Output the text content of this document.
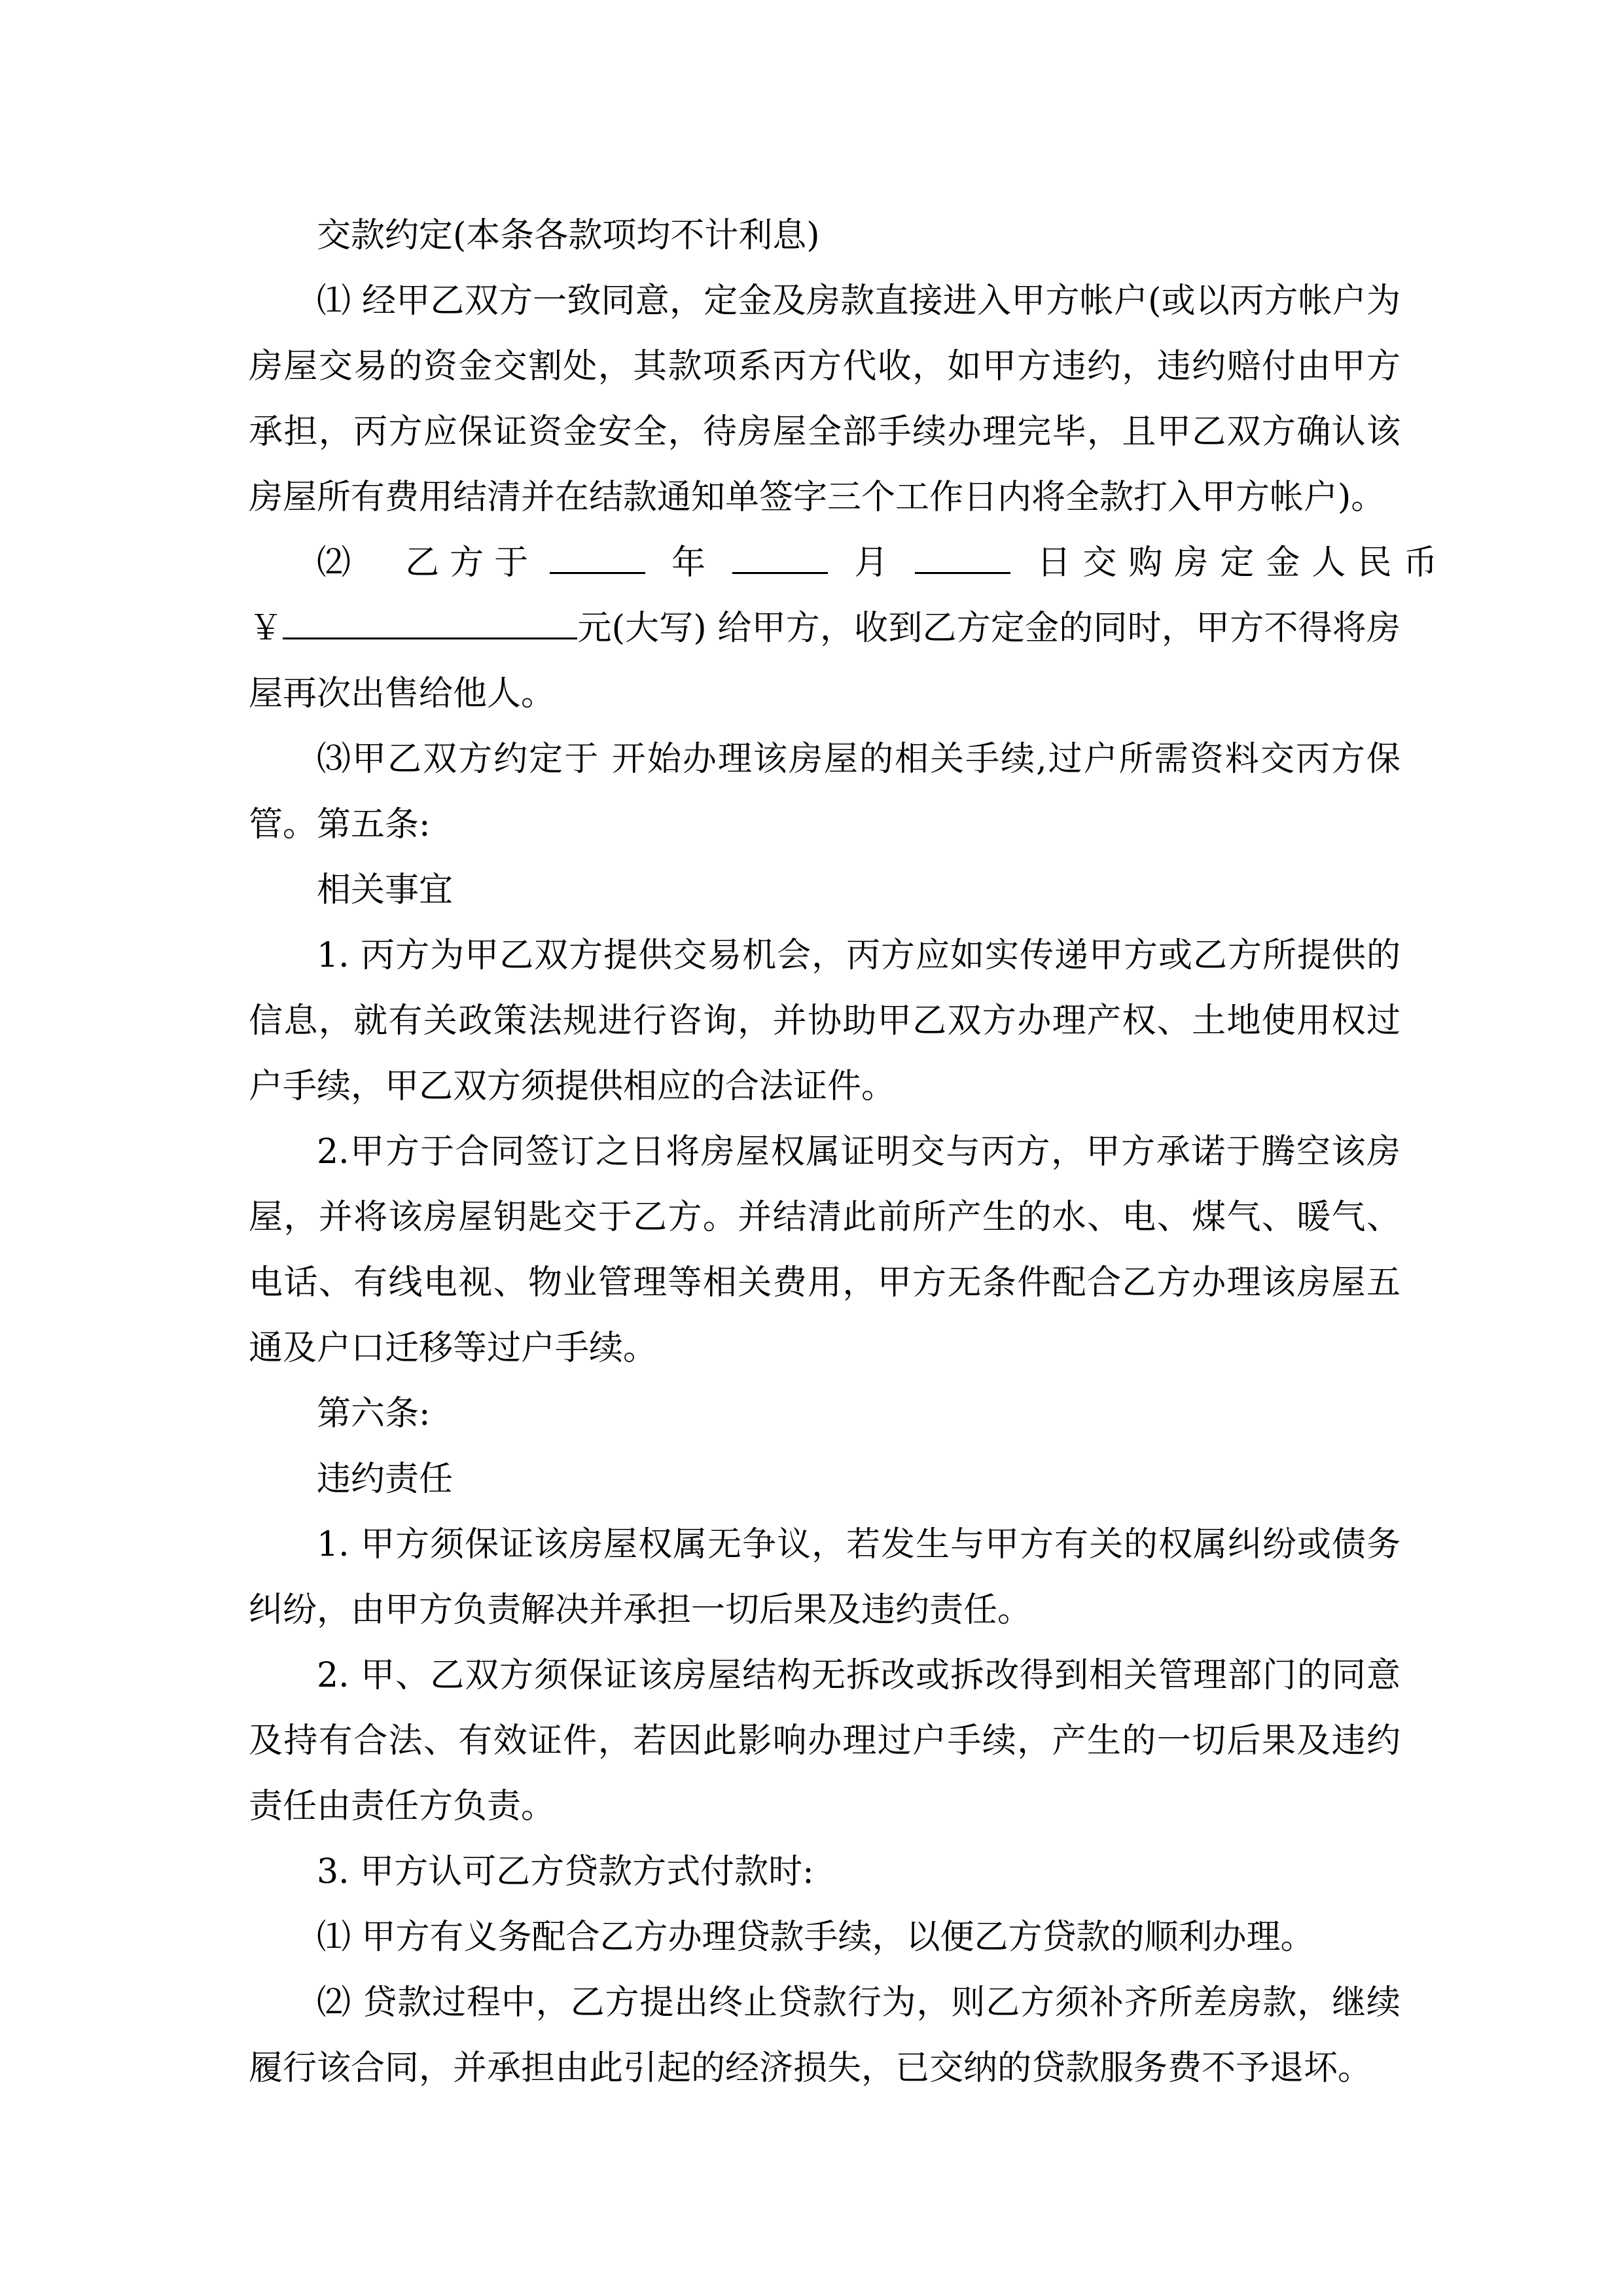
交款约定(本条各款项均不计利息)

⑴ 经甲乙双方一致同意，定金及房款直接进入甲方帐户(或以丙方帐户为房屋交易的资金交割处，其款项系丙方代收，如甲方违约，违约赔付由甲方承担，丙方应保证资金安全，待房屋全部手续办理完毕，且甲乙双方确认该房屋所有费用结清并在结款通知单签字三个工作日内将全款打入甲方帐户)。

⑵ 乙方于	年	月	日交购房定金人民币

￥	元(大写) 给甲方，收到乙方定金的同时，甲方不得将房屋再次出售给他人。

⑶甲乙双方约定于 开始办理该房屋的相关手续,过户所需资料交丙方保管。 第五条:

相关事宜

1. 丙方为甲乙双方提供交易机会，丙方应如实传递甲方或乙方所提供的信息，就有关政策法规进行咨询，并协助甲乙双方办理产权、土地使用权过户手续，甲乙双方须提供相应的合法证件。

2.甲方于合同签订之日将房屋权属证明交与丙方，甲方承诺于腾空该房屋，并将该房屋钥匙交于乙方。并结清此前所产生的水、电、煤气、暖气、电话、有线电视、物业管理等相关费用，甲方无条件配合乙方办理该房屋五通及户口迁移等过户手续。

第六条:

违约责任

1. 甲方须保证该房屋权属无争议，若发生与甲方有关的权属纠纷或债务纠纷，由甲方负责解决并承担一切后果及违约责任。

2. 甲、乙双方须保证该房屋结构无拆改或拆改得到相关管理部门的同意及持有合法、有效证件，若因此影响办理过户手续，产生的一切后果及违约责任由责任方负责。

3. 甲方认可乙方贷款方式付款时:

⑴ 甲方有义务配合乙方办理贷款手续，以便乙方贷款的顺利办理。

⑵ 贷款过程中，乙方提出终止贷款行为，则乙方须补齐所差房款，继续履行该合同，并承担由此引起的经济损失，已交纳的贷款服务费不予退坏。
